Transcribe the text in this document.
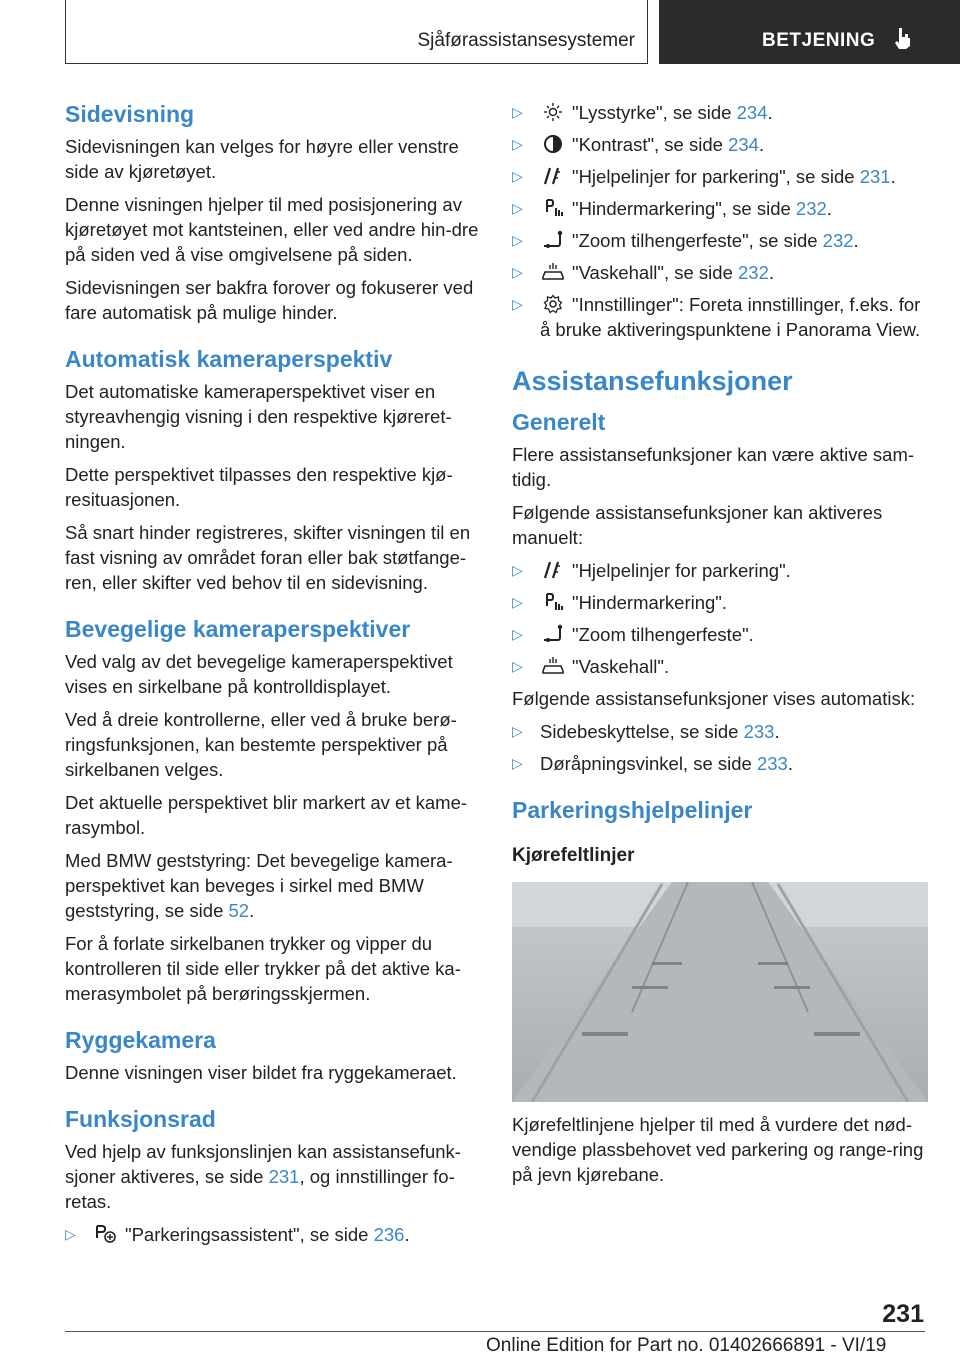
Sjåførassistansesystemer	BETJENING
Sidevisning

Sidevisningen kan velges for høyre eller venstre side av kjøretøyet.

Denne visningen hjelper til med posisjonering av kjøretøyet mot kantsteinen, eller ved andre hin-dre på siden ved å vise omgivelsene på siden.

Sidevisningen ser bakfra forover og fokuserer ved fare automatisk på mulige hinder.

Automatisk kameraperspektiv

Det automatiske kameraperspektivet viser en styreavhengig visning i den respektive kjøreret-ningen.

Dette perspektivet tilpasses den respektive kjø-resituasjonen.

Så snart hinder registreres, skifter visningen til en fast visning av området foran eller bak støtfange-ren, eller skifter ved behov til en sidevisning.

Bevegelige kameraperspektiver

Ved valg av det bevegelige kameraperspektivet vises en sirkelbane på kontrolldisplayet.

Ved å dreie kontrollerne, eller ved å bruke berø-ringsfunksjonen, kan bestemte perspektiver på sirkelbanen velges.

Det aktuelle perspektivet blir markert av et kame-rasymbol.

Med BMW geststyring: Det bevegelige kamera-perspektivet kan beveges i sirkel med BMW geststyring, se side 52.

For å forlate sirkelbanen trykker og vipper du kontrolleren til side eller trykker på det aktive ka-merasymbolet på berøringsskjermen.

Ryggekamera

Denne visningen viser bildet fra ryggekameraet.

Funksjonsrad

Ved hjelp av funksjonslinjen kan assistansefunk-sjoner aktiveres, se side 231, og innstillinger fo-retas.

▷	"Parkeringsassistent", se side 236.
▷	"Lysstyrke", se side 234.
▷	"Kontrast", se side 234.
▷	"Hjelpelinjer for parkering", se side 231.
▷	"Hindermarkering", se side 232.
▷	"Zoom tilhengerfeste", se side 232.
▷	"Vaskehall", se side 232.
▷	"Innstillinger": Foreta innstillinger, f.eks. for å bruke aktiveringspunktene i Panorama View.
Assistansefunksjoner
Generelt

Flere assistansefunksjoner kan være aktive sam-tidig.

Følgende assistansefunksjoner kan aktiveres manuelt:

▷	"Hjelpelinjer for parkering".
▷	"Hindermarkering".
▷	"Zoom tilhengerfeste".
▷	"Vaskehall".

Følgende assistansefunksjoner vises automatisk:

▷ Sidebeskyttelse, se side 233.
▷ Døråpningsvinkel, se side 233.
Parkeringshjelpelinjer
Kjørefeltlinjer

Kjørefeltlinjene hjelper til med å vurdere det nød-vendige plassbehovet ved parkering og range-ring på jevn kjørebane.

231
Online Edition for Part no. 01402666891 - VI/19
